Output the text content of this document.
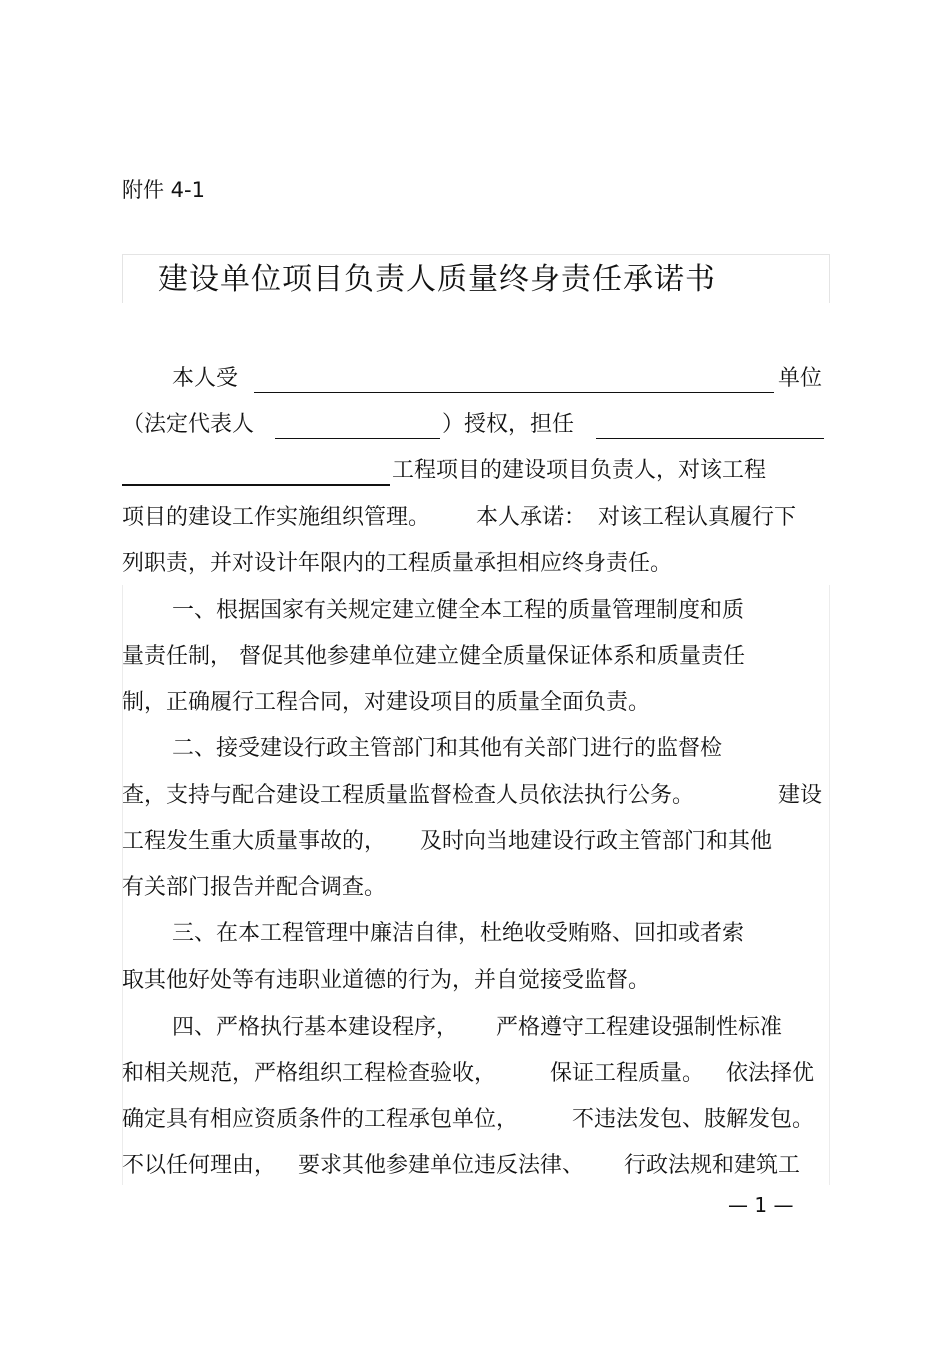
附件 4-1
建设单位项目负责人质量终身责任承诺书
本人受	单位
（法定代表人	）授权，担任
工程项目的建设项目负责人，对该工程
项目的建设工作实施组织管理。 本人承诺： 对该工程认真履行下
列职责，并对设计年限内的工程质量承担相应终身责任。
一、根据国家有关规定建立健全本工程的质量管理制度和质
量责任制， 督促其他参建单位建立健全质量保证体系和质量责任
制，正确履行工程合同，对建设项目的质量全面负责。
二、接受建设行政主管部门和其他有关部门进行的监督检
查，支持与配合建设工程质量监督检查人员依法执行公务。	建设
工程发生重大质量事故的， 及时向当地建设行政主管部门和其他
有关部门报告并配合调查。
三、在本工程管理中廉洁自律，杜绝收受贿赂、回扣或者索
取其他好处等有违职业道德的行为，并自觉接受监督。
四、严格执行基本建设程序， 严格遵守工程建设强制性标准
和相关规范，严格组织工程检查验收， 保证工程质量。 依法择优
确定具有相应资质条件的工程承包单位， 不违法发包、肢解发包。
不以任何理由， 要求其他参建单位违反法律、 行政法规和建筑工
— 1 —
